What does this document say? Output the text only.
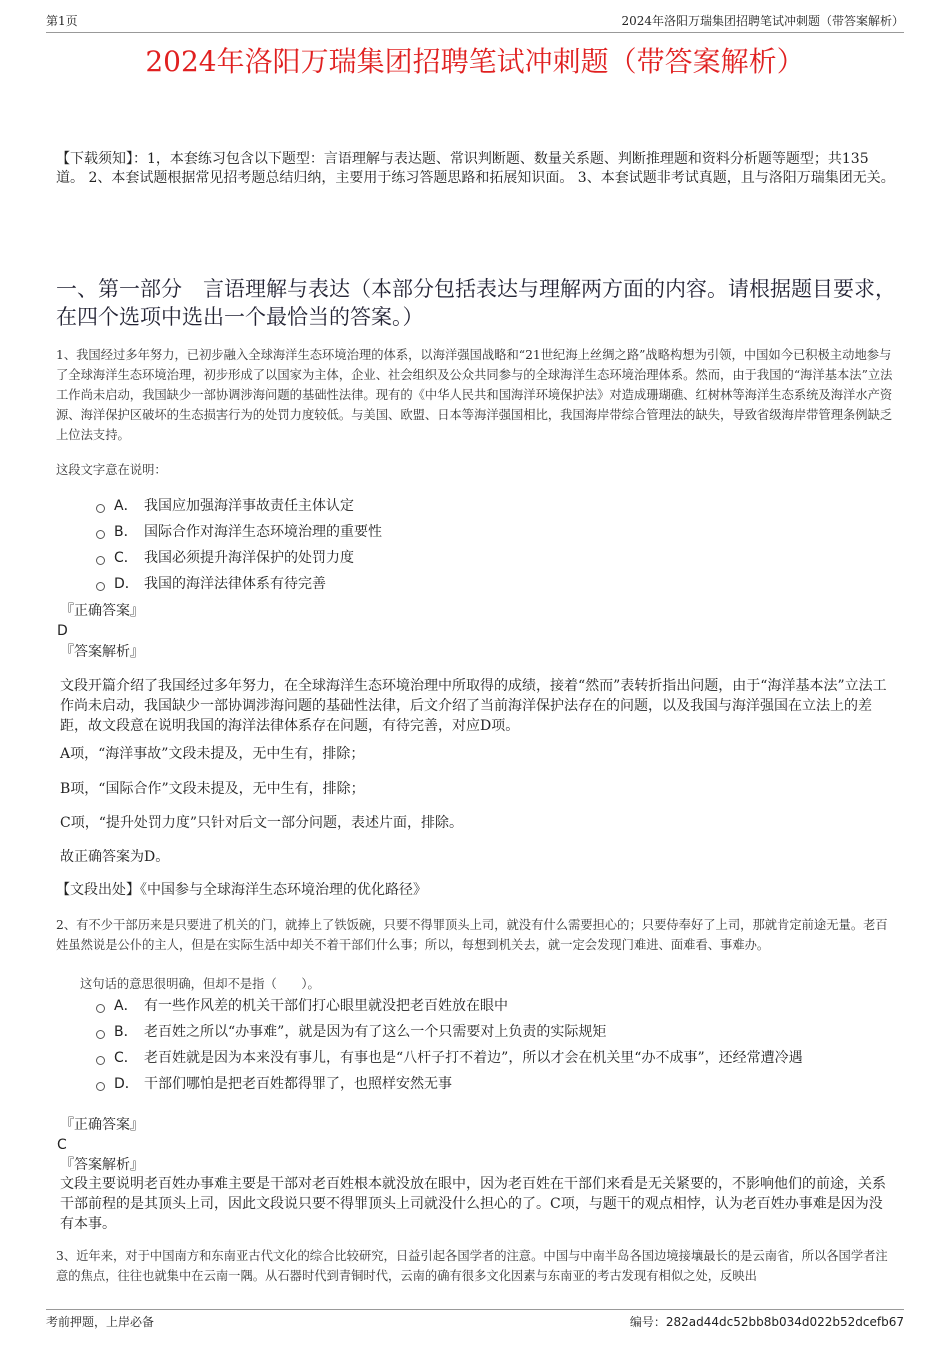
第1页	2024年洛阳万瑞集团招聘笔试冲刺题（带答案解析）
2024年洛阳万瑞集团招聘笔试冲刺题（带答案解析）
【下载须知】：1，本套练习包含以下题型：言语理解与表达题、常识判断题、数量关系题、判断推理题和资料分析题等题型；共135道。 2、本套试题根据常见招考题总结归纳，主要用于练习答题思路和拓展知识面。 3、本套试题非考试真题，且与洛阳万瑞集团无关。
一、第一部分　言语理解与表达（本部分包括表达与理解两方面的内容。请根据题目要求，在四个选项中选出一个最恰当的答案。）
1、我国经过多年努力，已初步融入全球海洋生态环境治理的体系，以海洋强国战略和“21世纪海上丝绸之路”战略构想为引领，中国如今已积极主动地参与了全球海洋生态环境治理，初步形成了以国家为主体，企业、社会组织及公众共同参与的全球海洋生态环境治理体系。然而，由于我国的“海洋基本法”立法工作尚未启动，我国缺少一部协调涉海问题的基础性法律。现有的《中华人民共和国海洋环境保护法》对造成珊瑚礁、红树林等海洋生态系统及海洋水产资源、海洋保护区破坏的生态损害行为的处罚力度较低。与美国、欧盟、日本等海洋强国相比，我国海岸带综合管理法的缺失，导致省级海岸带管理条例缺乏上位法支持。
这段文字意在说明：
A． 我国应加强海洋事故责任主体认定
B． 国际合作对海洋生态环境治理的重要性
C． 我国必须提升海洋保护的处罚力度
D． 我国的海洋法律体系有待完善
『正确答案』
D
『答案解析』
文段开篇介绍了我国经过多年努力，在全球海洋生态环境治理中所取得的成绩，接着“然而”表转折指出问题，由于“海洋基本法”立法工作尚未启动，我国缺少一部协调涉海问题的基础性法律，后文介绍了当前海洋保护法存在的问题，以及我国与海洋强国在立法上的差距，故文段意在说明我国的海洋法律体系存在问题，有待完善，对应D项。
A项，“海洋事故”文段未提及，无中生有，排除；
B项，“国际合作”文段未提及，无中生有，排除；
C项，“提升处罚力度”只针对后文一部分问题，表述片面，排除。
故正确答案为D。
【文段出处】《中国参与全球海洋生态环境治理的优化路径》
2、有不少干部历来是只要进了机关的门，就捧上了铁饭碗，只要不得罪顶头上司，就没有什么需要担心的；只要侍奉好了上司，那就肯定前途无量。老百姓虽然说是公仆的主人，但是在实际生活中却关不着干部们什么事；所以，每想到机关去，就一定会发现门难进、面难看、事难办。
这句话的意思很明确，但却不是指（　　）。
A． 有一些作风差的机关干部们打心眼里就没把老百姓放在眼中
B． 老百姓之所以“办事难”，就是因为有了这么一个只需要对上负责的实际规矩
C． 老百姓就是因为本来没有事儿，有事也是“八杆子打不着边”，所以才会在机关里“办不成事”，还经常遭冷遇
D． 干部们哪怕是把老百姓都得罪了，也照样安然无事
『正确答案』
C
『答案解析』
文段主要说明老百姓办事难主要是干部对老百姓根本就没放在眼中，因为老百姓在干部们来看是无关紧要的，不影响他们的前途，关系干部前程的是其顶头上司，因此文段说只要不得罪顶头上司就没什么担心的了。C项，与题干的观点相悖，认为老百姓办事难是因为没有本事。
3、近年来，对于中国南方和东南亚古代文化的综合比较研究，日益引起各国学者的注意。中国与中南半岛各国边境接壤最长的是云南省，所以各国学者注意的焦点，往往也就集中在云南一隅。从石器时代到青铜时代，云南的确有很多文化因素与东南亚的考古发现有相似之处，反映出
考前押题，上岸必备	编号：282ad44dc52bb8b034d022b52dcefb67
